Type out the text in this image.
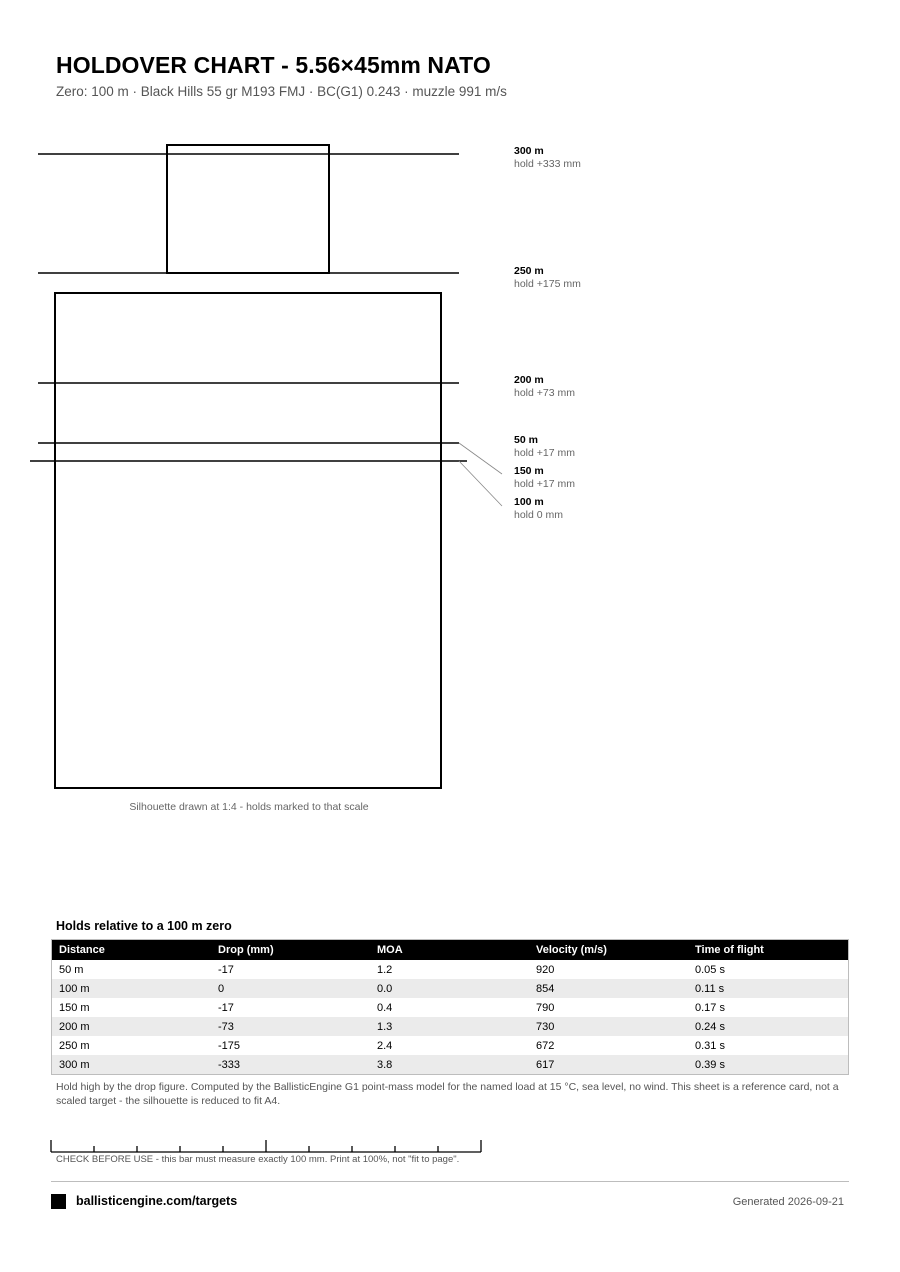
HOLDOVER CHART - 5.56×45mm NATO
Zero: 100 m · Black Hills 55 gr M193 FMJ · BC(G1) 0.243 · muzzle 991 m/s
300 m
hold +333 mm
250 m
hold +175 mm
200 m
hold +73 mm
50 m
hold +17 mm
150 m
hold +17 mm
100 m
hold 0 mm
Silhouette drawn at 1:4 - holds marked to that scale
Holds relative to a 100 m zero
Distance	Drop (mm)	MOA	Velocity (m/s)	Time of flight
50 m	-17	1.2	920	0.05 s
100 m	0	0.0	854	0.11 s
150 m	-17	0.4	790	0.17 s
200 m	-73	1.3	730	0.24 s
250 m	-175	2.4	672	0.31 s
300 m	-333	3.8	617	0.39 s
Hold high by the drop figure. Computed by the BallisticEngine G1 point-mass model for the named load at 15 °C, sea level, no wind. This sheet is a reference card, not a scaled target - the silhouette is reduced to fit A4.
CHECK BEFORE USE - this bar must measure exactly 100 mm. Print at 100%, not "fit to page".
ballisticengine.com/targets	Generated 2026-09-21
